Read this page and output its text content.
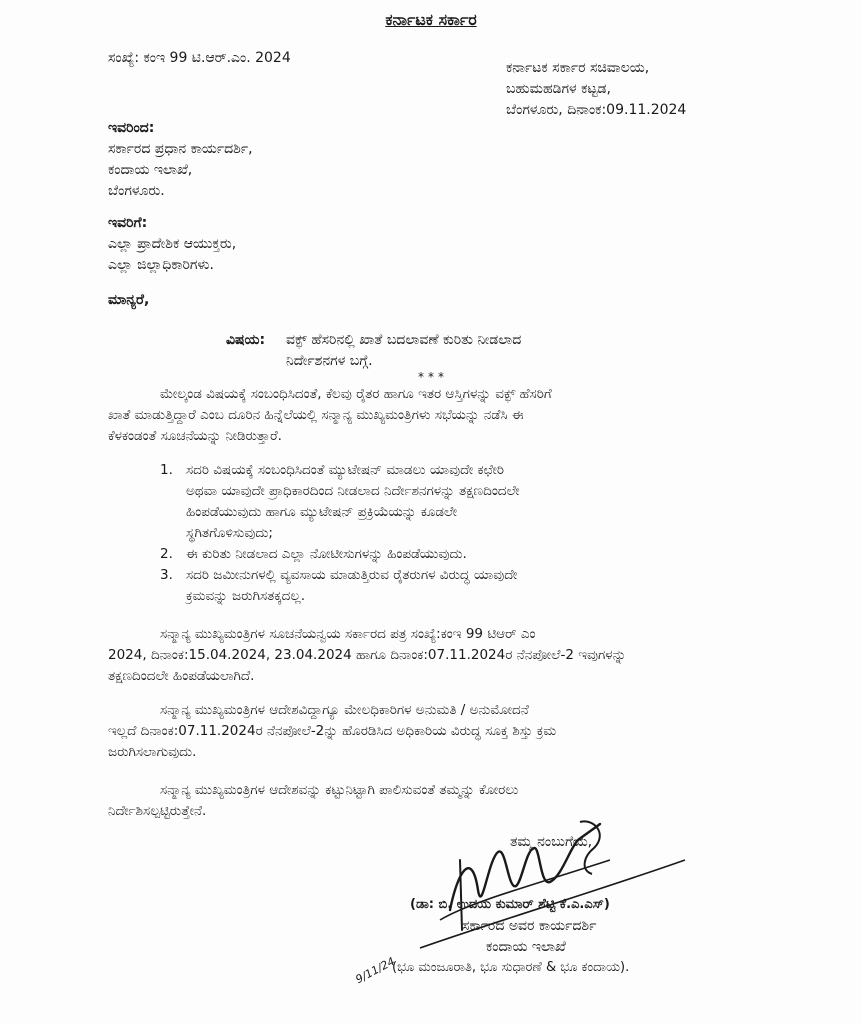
ಕರ್ನಾಟಕ ಸರ್ಕಾರ
ಸಂಖ್ಯೆ: ಕಂಇ 99 ಟಿ.ಆರ್.ಎಂ. 2024
ಕರ್ನಾಟಕ ಸರ್ಕಾರ ಸಚಿವಾಲಯ,
ಬಹುಮಹಡಿಗಳ ಕಟ್ಟಡ,
ಬೆಂಗಳೂರು, ದಿನಾಂಕ:09.11.2024
ಇವರಿಂದ:
ಸರ್ಕಾರದ ಪ್ರಧಾನ ಕಾರ್ಯದರ್ಶಿ,
ಕಂದಾಯ ಇಲಾಖೆ,
ಬೆಂಗಳೂರು.
ಇವರಿಗೆ:
ಎಲ್ಲಾ ಪ್ರಾದೇಶಿಕ ಆಯುಕ್ತರು,
ಎಲ್ಲಾ ಜಿಲ್ಲಾಧಿಕಾರಿಗಳು.
ಮಾನ್ಯರೆ,
ವಿಷಯ: ವಕ್ಫ್ ಹೆಸರಿನಲ್ಲಿ ಖಾತೆ ಬದಲಾವಣೆ ಕುರಿತು ನೀಡಲಾದ
ನಿರ್ದೇಶನಗಳ ಬಗ್ಗೆ.
***
ಮೇಲ್ಕಂಡ ವಿಷಯಕ್ಕೆ ಸಂಬಂಧಿಸಿದಂತೆ, ಕೆಲವು ರೈತರ ಹಾಗೂ ಇತರ ಆಸ್ತಿಗಳನ್ನು ವಕ್ಫ್ ಹೆಸರಿಗೆ
ಖಾತೆ ಮಾಡುತ್ತಿದ್ದಾರೆ ಎಂಬ ದೂರಿನ ಹಿನ್ನೆಲೆಯಲ್ಲಿ ಸನ್ಮಾನ್ಯ ಮುಖ್ಯಮಂತ್ರಿಗಳು ಸಭೆಯನ್ನು ನಡೆಸಿ ಈ
ಕೆಳಕಂಡಂತೆ ಸೂಚನೆಯನ್ನು ನೀಡಿರುತ್ತಾರೆ.
1. ಸದರಿ ವಿಷಯಕ್ಕೆ ಸಂಬಂಧಿಸಿದಂತೆ ಮ್ಯುಟೇಷನ್ ಮಾಡಲು ಯಾವುದೇ ಕಛೇರಿ
ಅಥವಾ ಯಾವುದೇ ಪ್ರಾಧಿಕಾರದಿಂದ ನೀಡಲಾದ ನಿರ್ದೇಶನಗಳನ್ನು ತಕ್ಷಣದಿಂದಲೇ
ಹಿಂಪಡೆಯುವುದು ಹಾಗೂ ಮ್ಯುಟೇಷನ್ ಪ್ರಕ್ರಿಯೆಯನ್ನು ಕೂಡಲೇ
ಸ್ಥಗಿತಗೊಳಿಸುವುದು;
2. ಈ ಕುರಿತು ನೀಡಲಾದ ಎಲ್ಲಾ ನೋಟೀಸುಗಳನ್ನು ಹಿಂಪಡೆಯುವುದು.
3. ಸದರಿ ಜಮೀನುಗಳಲ್ಲಿ ವ್ಯವಸಾಯ ಮಾಡುತ್ತಿರುವ ರೈತರುಗಳ ವಿರುದ್ಧ ಯಾವುದೇ
ಕ್ರಮವನ್ನು ಜರುಗಿಸತಕ್ಕದಲ್ಲ.
ಸನ್ಮಾನ್ಯ ಮುಖ್ಯಮಂತ್ರಿಗಳ ಸೂಚನೆಯನ್ವಯ ಸರ್ಕಾರದ ಪತ್ರ ಸಂಖ್ಯೆ:ಕಂಇ 99 ಟಿಆರ್ ಎಂ
2024, ದಿನಾಂಕ:15.04.2024, 23.04.2024 ಹಾಗೂ ದಿನಾಂಕ:07.11.2024ರ ನೆನಪೋಲೆ-2 ಇವುಗಳನ್ನು
ತಕ್ಷಣದಿಂದಲೇ ಹಿಂಪಡೆಯಲಾಗಿದೆ.
ಸನ್ಮಾನ್ಯ ಮುಖ್ಯಮಂತ್ರಿಗಳ ಆದೇಶವಿದ್ದಾಗ್ಯೂ ಮೇಲಧಿಕಾರಿಗಳ ಅನುಮತಿ / ಅನುಮೋದನೆ
ಇಲ್ಲದೆ ದಿನಾಂಕ:07.11.2024ರ ನೆನಪೋಲೆ-2ನ್ನು ಹೊರಡಿಸಿದ ಅಧಿಕಾರಿಯ ವಿರುದ್ಧ ಸೂಕ್ತ ಶಿಸ್ತು ಕ್ರಮ
ಜರುಗಿಸಲಾಗುವುದು.
ಸನ್ಮಾನ್ಯ ಮುಖ್ಯಮಂತ್ರಿಗಳ ಆದೇಶವನ್ನು ಕಟ್ಟುನಿಟ್ಟಾಗಿ ಪಾಲಿಸುವಂತೆ ತಮ್ಮನ್ನು ಕೋರಲು
ನಿರ್ದೇಶಿಸಲ್ಪಟ್ಟಿರುತ್ತೇನೆ.
ತಮ್ಮ ನಂಬುಗೆಯ,
(ಡಾ: ಬಿ. ಉದಯ ಕುಮಾರ್ ಶೆಟ್ಟಿ ಕೆ.ಎ.ಎಸ್)
ಸರ್ಕಾರದ ಅವರ ಕಾರ್ಯದರ್ಶಿ
ಕಂದಾಯ ಇಲಾಖೆ
(ಭೂ ಮಂಜೂರಾತಿ, ಭೂ ಸುಧಾರಣೆ & ಭೂ ಕಂದಾಯ).
9/11/24
